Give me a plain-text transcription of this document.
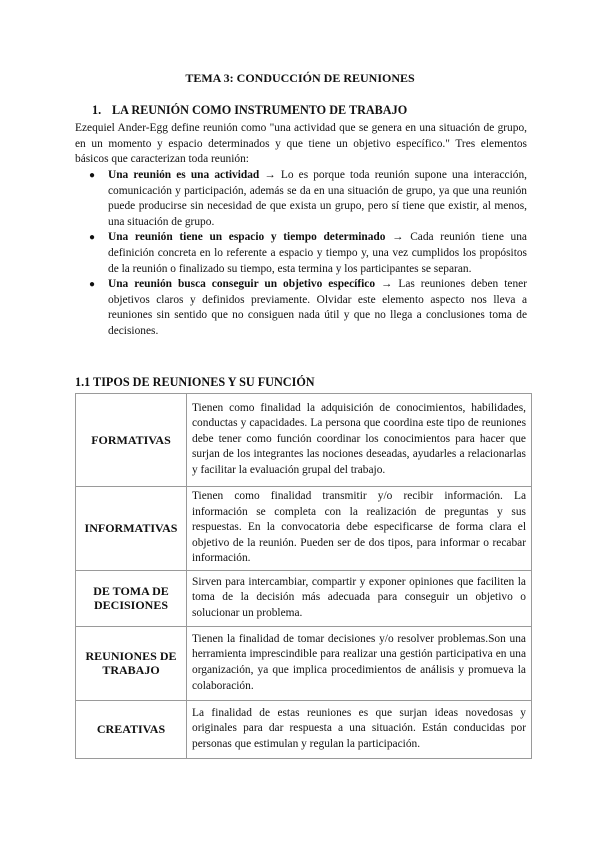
TEMA 3: CONDUCCIÓN DE REUNIONES
1. LA REUNIÓN COMO INSTRUMENTO DE TRABAJO
Ezequiel Ander-Egg define reunión como "una actividad que se genera en una situación de grupo, en un momento y espacio determinados y que tiene un objetivo específico." Tres elementos básicos que caracterizan toda reunión:
● Una reunión es una actividad → Lo es porque toda reunión supone una interacción, comunicación y participación, además se da en una situación de grupo, ya que una reunión puede producirse sin necesidad de que exista un grupo, pero sí tiene que existir, al menos, una situación de grupo.
● Una reunión tiene un espacio y tiempo determinado → Cada reunión tiene una definición concreta en lo referente a espacio y tiempo y, una vez cumplidos los propósitos de la reunión o finalizado su tiempo, esta termina y los participantes se separan.
● Una reunión busca conseguir un objetivo específico → Las reuniones deben tener objetivos claros y definidos previamente. Olvidar este elemento aspecto nos lleva a reuniones sin sentido que no consiguen nada útil y que no llega a conclusiones toma de decisiones.
1.1 TIPOS DE REUNIONES Y SU FUNCIÓN
FORMATIVAS	Tienen como finalidad la adquisición de conocimientos, habilidades, conductas y capacidades. La persona que coordina este tipo de reuniones debe tener como función coordinar los conocimientos para hacer que surjan de los integrantes las nociones deseadas, ayudarles a relacionarlas y facilitar la evaluación grupal del trabajo.
INFORMATIVAS	Tienen como finalidad transmitir y/o recibir información. La información se completa con la realización de preguntas y sus respuestas. En la convocatoria debe especificarse de forma clara el objetivo de la reunión. Pueden ser de dos tipos, para informar o recabar información.
DE TOMA DE DECISIONES	Sirven para intercambiar, compartir y exponer opiniones que faciliten la toma de la decisión más adecuada para conseguir un objetivo o solucionar un problema.
REUNIONES DE TRABAJO	Tienen la finalidad de tomar decisiones y/o resolver problemas.Son una herramienta imprescindible para realizar una gestión participativa en una organización, ya que implica procedimientos de análisis y promueva la colaboración.
CREATIVAS	La finalidad de estas reuniones es que surjan ideas novedosas y originales para dar respuesta a una situación. Están conducidas por personas que estimulan y regulan la participación.
